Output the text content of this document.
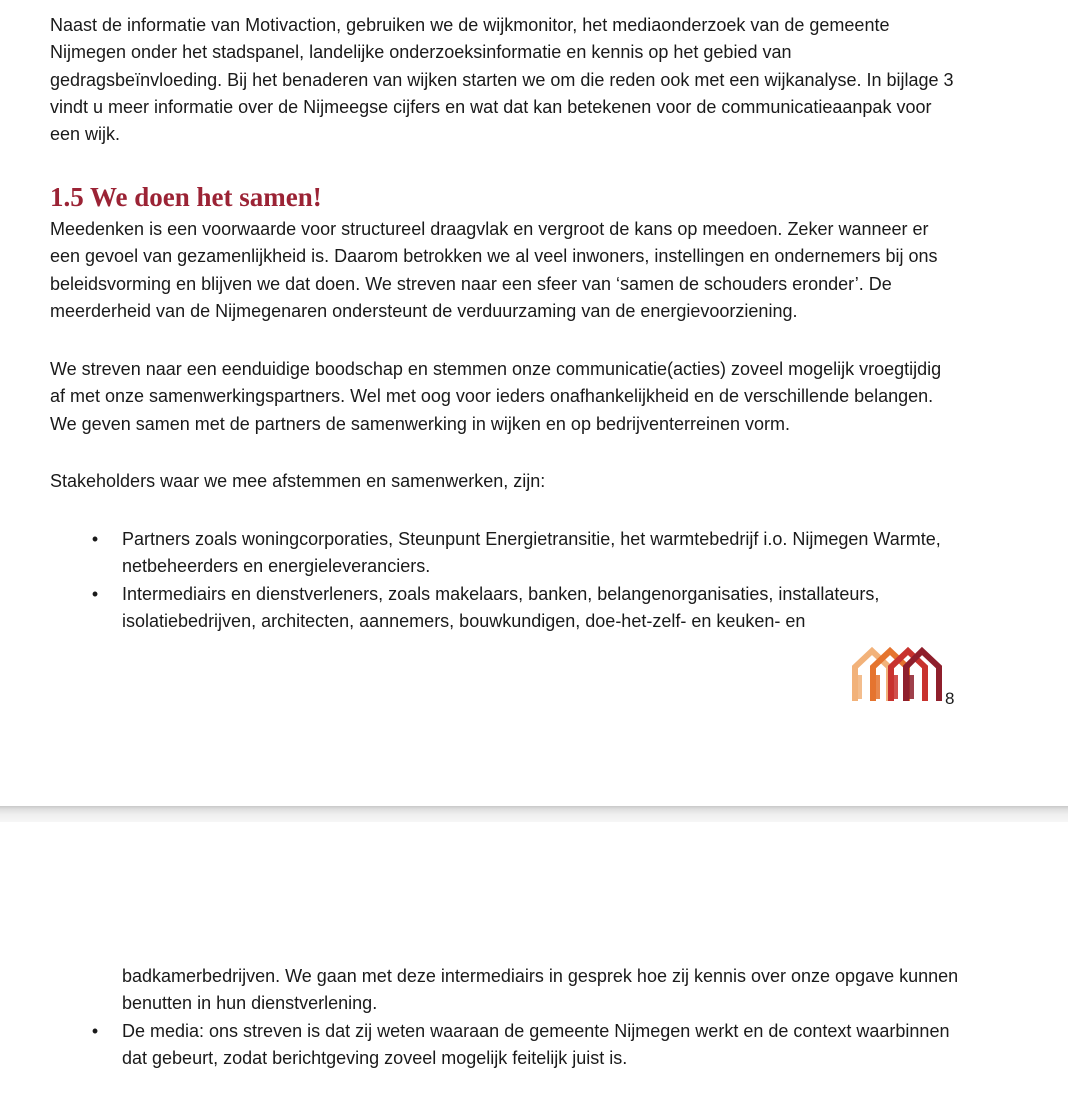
Naast de informatie van Motivaction, gebruiken we de wijkmonitor, het mediaonderzoek van de gemeente Nijmegen onder het stadspanel, landelijke onderzoeksinformatie en kennis op het gebied van gedragsbeïnvloeding. Bij het benaderen van wijken starten we om die reden ook met een wijkanalyse. In bijlage 3 vindt u meer informatie over de Nijmeegse cijfers en wat dat kan betekenen voor de communicatieaanpak voor een wijk.

1.5 We doen het samen!

Meedenken is een voorwaarde voor structureel draagvlak en vergroot de kans op meedoen. Zeker wanneer er een gevoel van gezamenlijkheid is. Daarom betrokken we al veel inwoners, instellingen en ondernemers bij ons beleidsvorming en blijven we dat doen. We streven naar een sfeer van ‘samen de schouders eronder’. De meerderheid van de Nijmegenaren ondersteunt de verduurzaming van de energievoorziening.

We streven naar een eenduidige boodschap en stemmen onze communicatie(acties) zoveel mogelijk vroegtijdig af met onze samenwerkingspartners. Wel met oog voor ieders onafhankelijkheid en de verschillende belangen. We geven samen met de partners de samenwerking in wijken en op bedrijventerreinen vorm.

Stakeholders waar we mee afstemmen en samenwerken, zijn:

• Partners zoals woningcorporaties, Steunpunt Energietransitie, het warmtebedrijf i.o. Nijmegen Warmte, netbeheerders en energieleveranciers.
• Intermediairs en dienstverleners, zoals makelaars, banken, belangenorganisaties, installateurs, isolatiebedrijven, architecten, aannemers, bouwkundigen, doe-het-zelf- en keuken- en
8

badkamerbedrijven. We gaan met deze intermediairs in gesprek hoe zij kennis over onze opgave kunnen benutten in hun dienstverlening.

• De media: ons streven is dat zij weten waaraan de gemeente Nijmegen werkt en de context waarbinnen dat gebeurt, zodat berichtgeving zoveel mogelijk feitelijk juist is.
